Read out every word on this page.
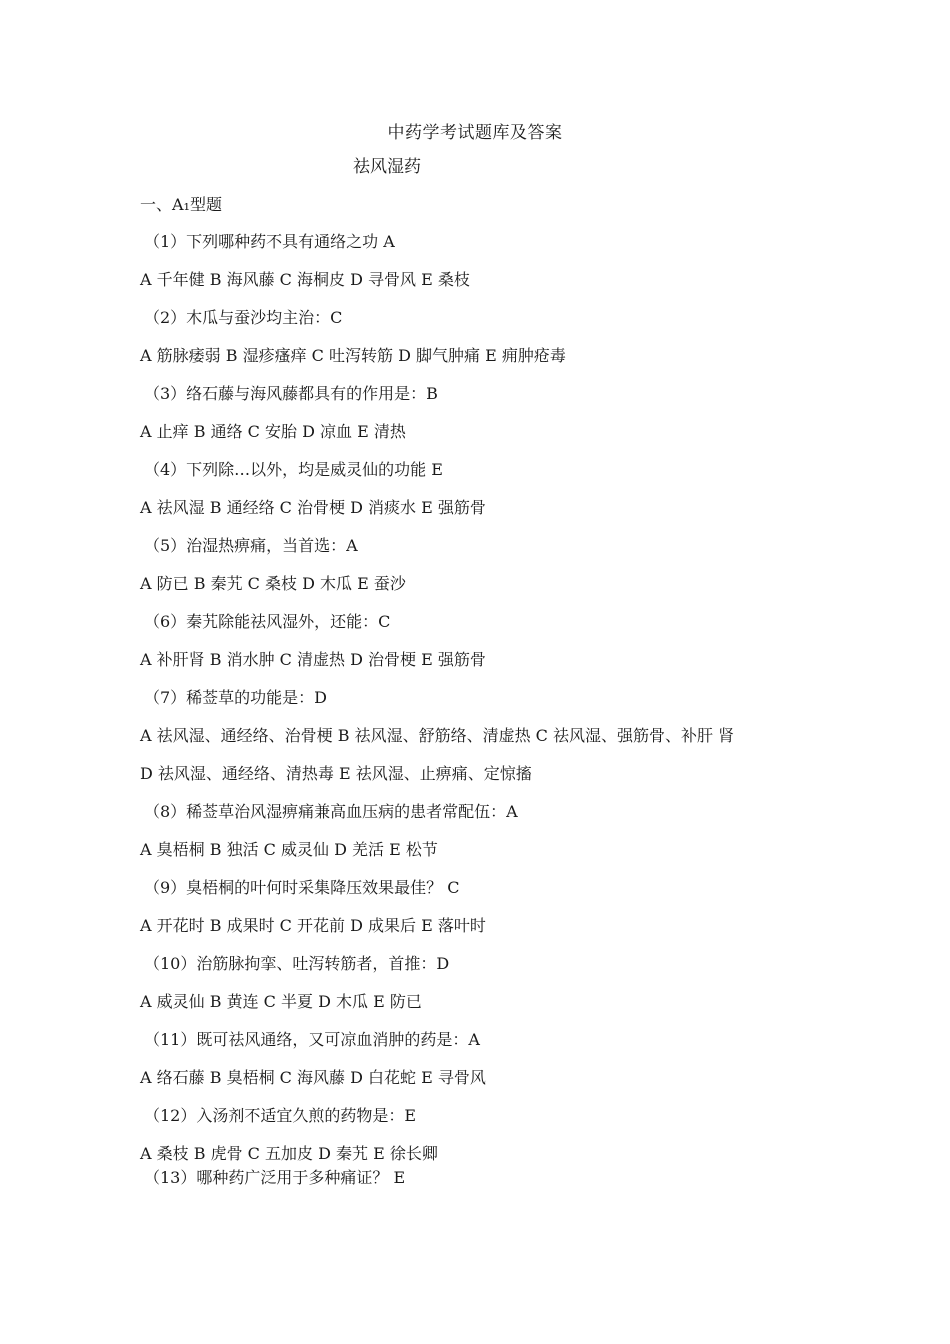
中药学考试题库及答案
祛风湿药
一、A₁型题
（1）下列哪种药不具有通络之功 A
A 千年健 B 海风藤 C 海桐皮 D 寻骨风 E 桑枝
（2）木瓜与蚕沙均主治：C
A 筋脉痿弱 B 湿疹瘙痒 C 吐泻转筋 D 脚气肿痛 E 痈肿疮毒
（3）络石藤与海风藤都具有的作用是：B
A 止痒 B 通络 C 安胎 D 凉血 E 清热
（4）下列除…以外，均是威灵仙的功能 E
A 祛风湿 B 通经络 C 治骨梗 D 消痰水 E 强筋骨
（5）治湿热痹痛，当首选：A
A 防已 B 秦艽 C 桑枝 D 木瓜 E 蚕沙
（6）秦艽除能祛风湿外，还能：C
A 补肝肾 B 消水肿 C 清虚热 D 治骨梗 E 强筋骨
（7）稀莶草的功能是：D
A 祛风湿、通经络、治骨梗 B 祛风湿、舒筋络、清虚热 C 祛风湿、强筋骨、补肝 肾
D 祛风湿、通经络、清热毒 E 祛风湿、止痹痛、定惊搐
（8）稀莶草治风湿痹痛兼高血压病的患者常配伍：A
A 臭梧桐 B 独活 C 威灵仙 D 羌活 E 松节
（9）臭梧桐的叶何时采集降压效果最佳？ C
A 开花时 B 成果时 C 开花前 D 成果后 E 落叶时
（10）治筋脉拘挛、吐泻转筋者，首推：D
A 威灵仙 B 黄连 C 半夏 D 木瓜 E 防已
（11）既可祛风通络，又可凉血消肿的药是：A
A 络石藤 B 臭梧桐 C 海风藤 D 白花蛇 E 寻骨风
（12）入汤剂不适宜久煎的药物是：E
A 桑枝 B 虎骨 C 五加皮 D 秦艽 E 徐长卿
（13）哪种药广泛用于多种痛证？ E
